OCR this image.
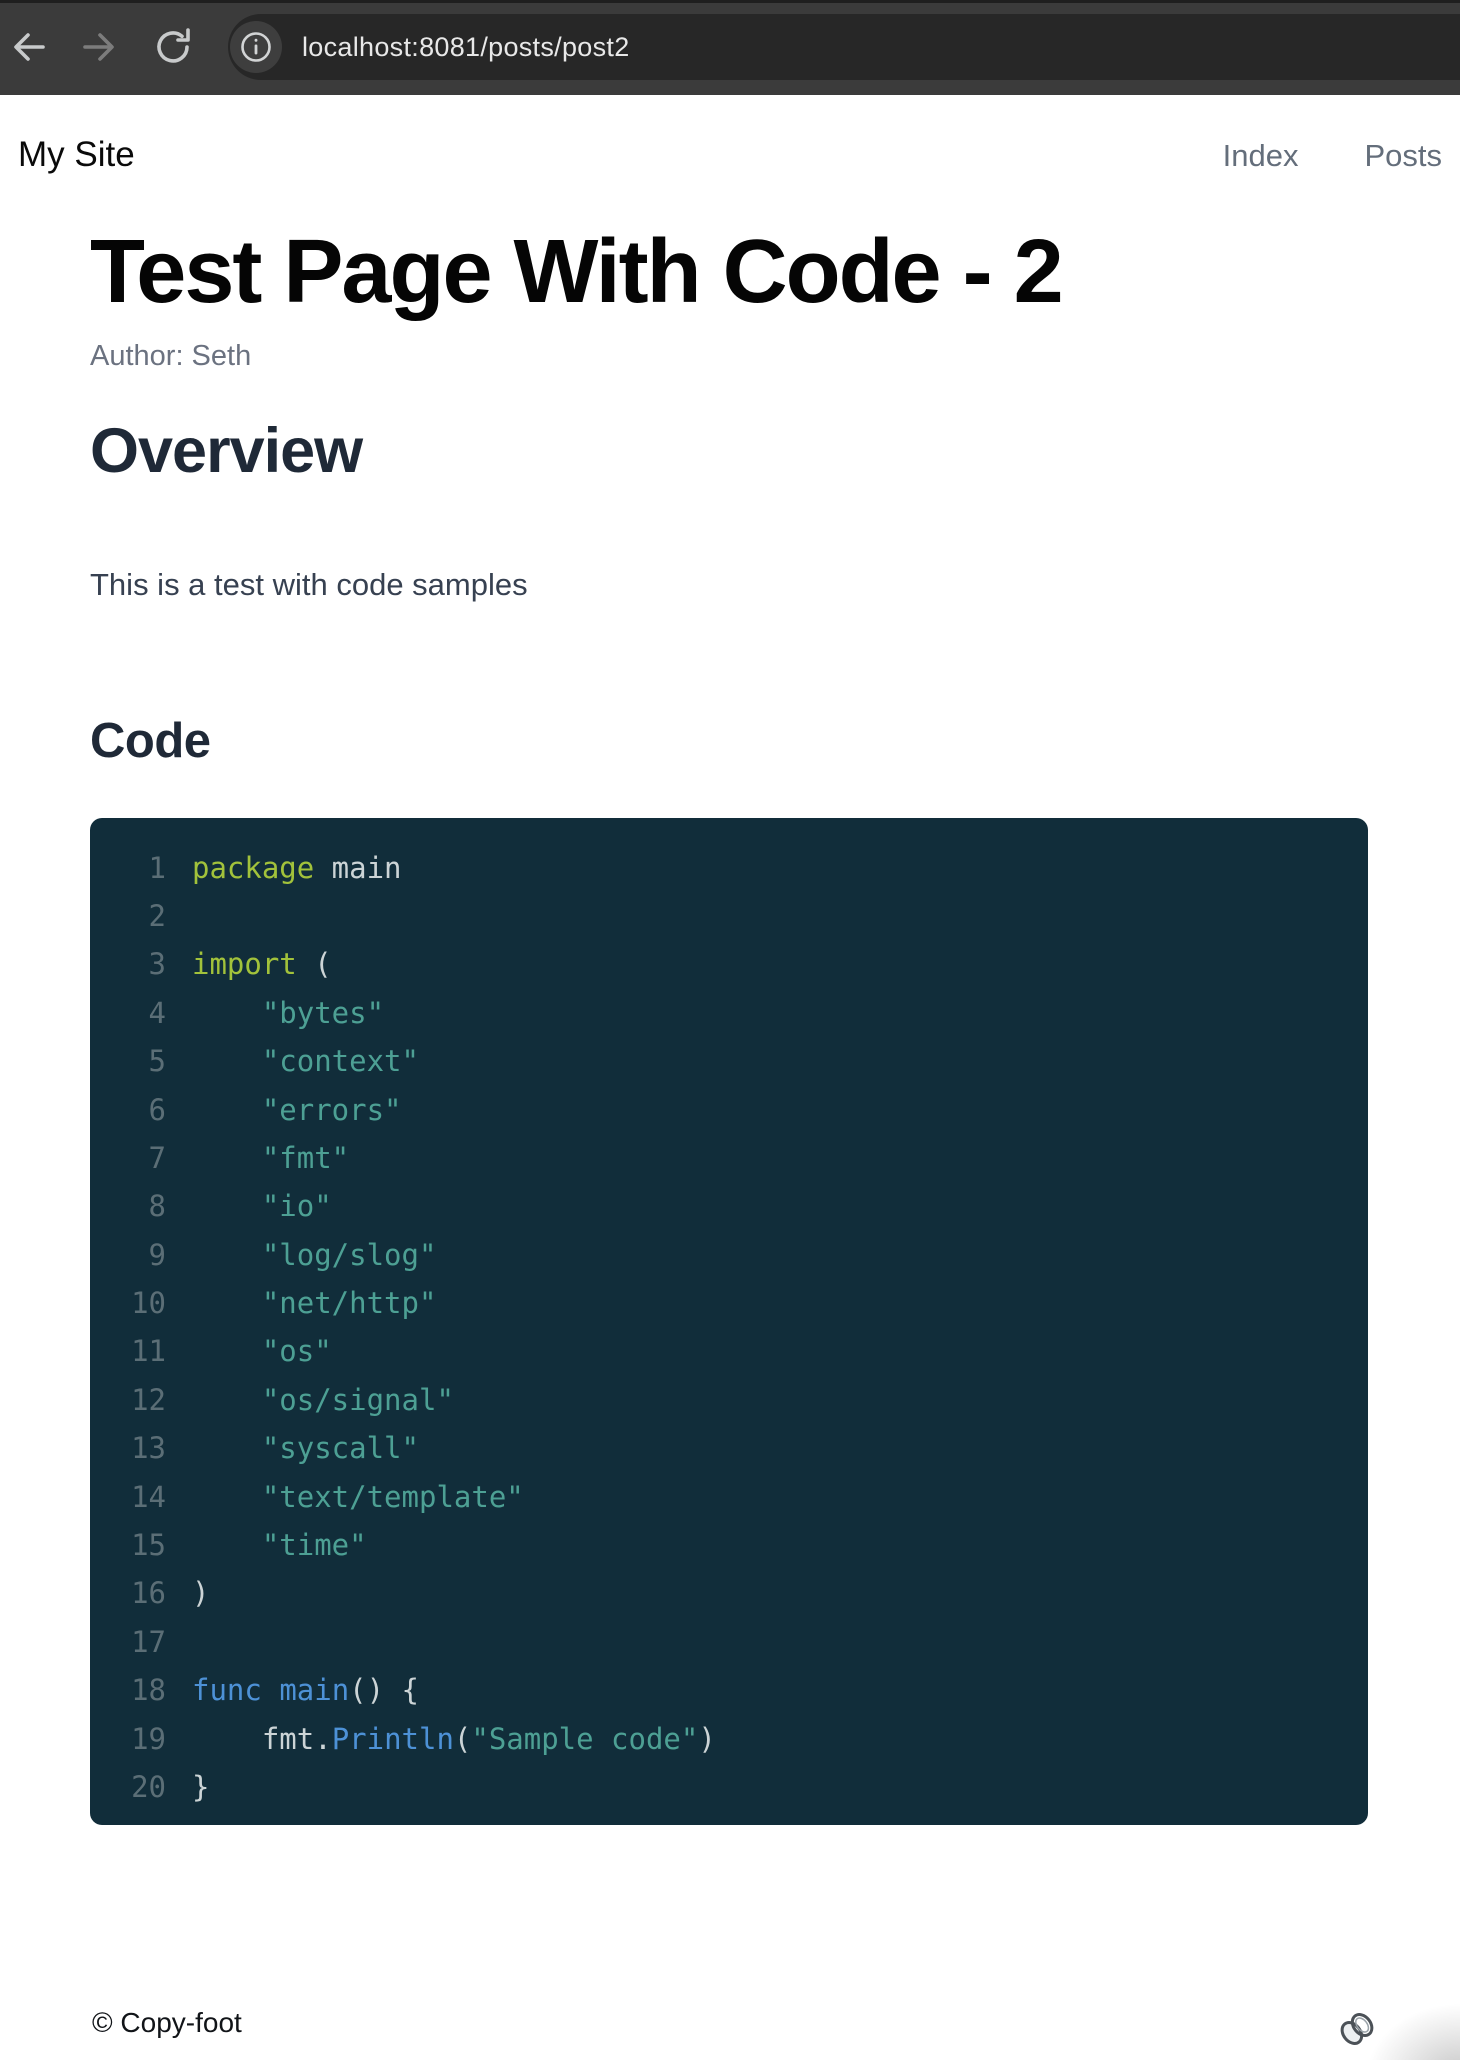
localhost:8081/posts/post2
My Site	Index Posts
Test Page With Code - 2
Author: Seth
Overview

This is a test with code samples

Code
1 package main
2
3 import (
4	"bytes"
5	"context"
6	"errors"
7	"fmt"
8	"io"
9	"log/slog"
10	"net/http"
11	"os"
12	"os/signal"
13	"syscall"
14	"text/template"
15	"time"
16 )
17
18 func main() {
19    fmt.Println("Sample code")
20 }
© Copy-foot
